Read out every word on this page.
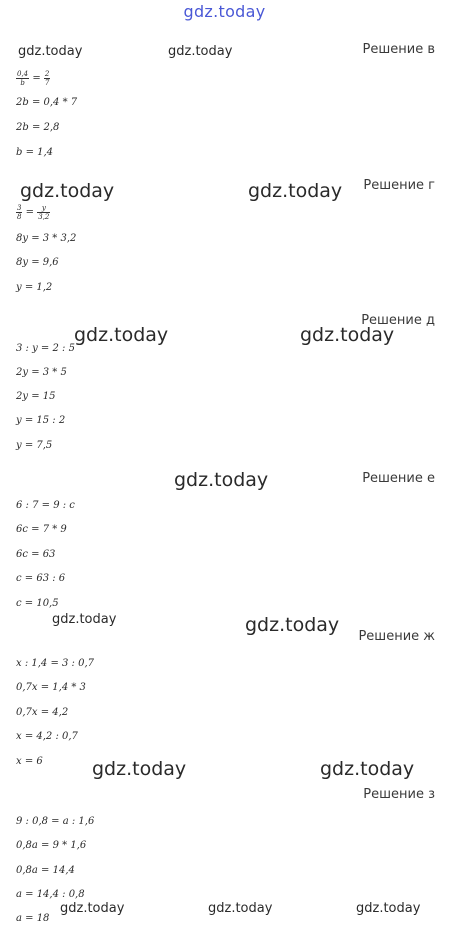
gdz.today
gdz.today	gdz.today
gdz.today	gdz.today
gdz.today	gdz.today
gdz.today
gdz.today	gdz.today
gdz.today	gdz.today
gdz.today	gdz.today	gdz.today
Решение в
$\frac{0,4}{b} = \frac{2}{7}$
2b = 0,4 * 7
2b = 2,8
b = 1,4
Решение г
$\frac{3}{8} = \frac{y}{3,2}$
8y = 3 * 3,2
8y = 9,6
y = 1,2
Решение д
3 : y = 2 : 5
2y = 3 * 5
2y = 15
y = 15 : 2
y = 7,5
Решение е
6 : 7 = 9 : c
6c = 7 * 9
6c = 63
c = 63 : 6
c = 10,5
Решение ж
x : 1,4 = 3 : 0,7
0,7x = 1,4 * 3
0,7x = 4,2
x = 4,2 : 0,7
x = 6
Решение з
9 : 0,8 = a : 1,6
0,8a = 9 * 1,6
0,8a = 14,4
a = 14,4 : 0,8
a = 18
